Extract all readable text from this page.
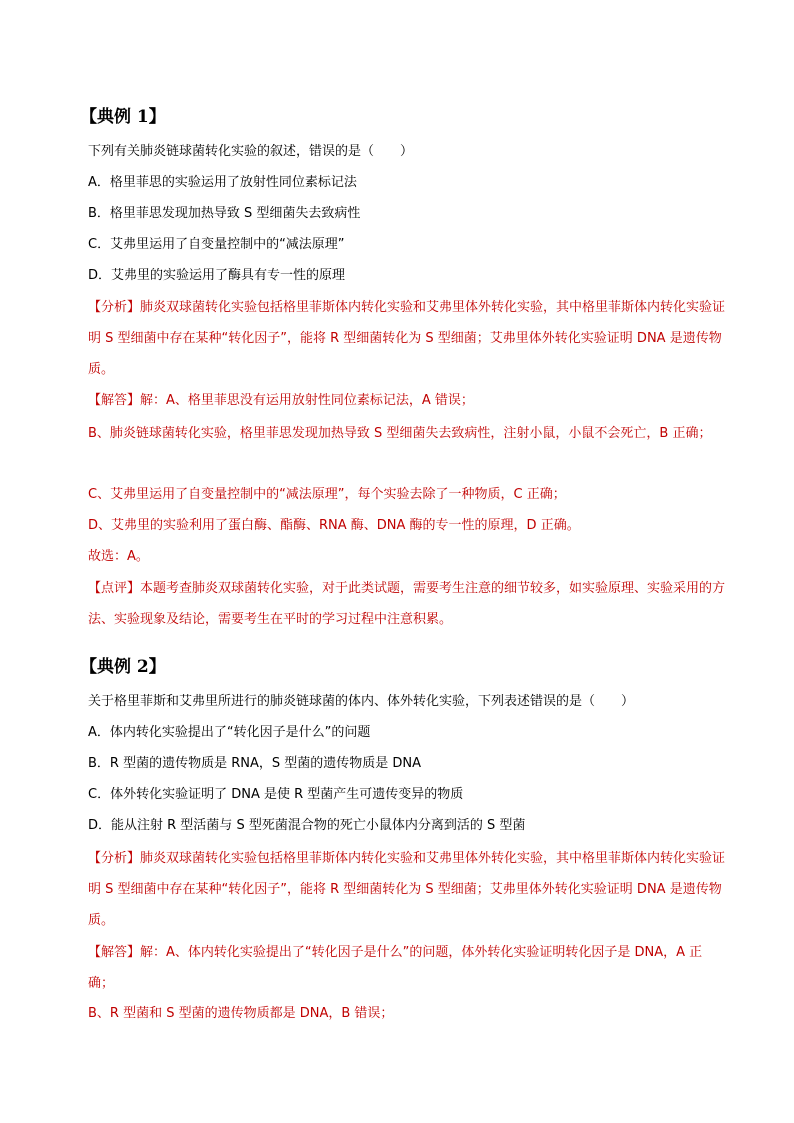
【典例 1】
下列有关肺炎链球菌转化实验的叙述，错误的是（　　）
A．格里菲思的实验运用了放射性同位素标记法
B．格里菲思发现加热导致 S 型细菌失去致病性
C．艾弗里运用了自变量控制中的“减法原理”
D．艾弗里的实验运用了酶具有专一性的原理
【分析】肺炎双球菌转化实验包括格里菲斯体内转化实验和艾弗里体外转化实验，其中格里菲斯体内转化实验证明 S 型细菌中存在某种“转化因子”，能将 R 型细菌转化为 S 型细菌；艾弗里体外转化实验证明 DNA 是遗传物质。
【解答】解：A、格里菲思没有运用放射性同位素标记法，A 错误；
B、肺炎链球菌转化实验，格里菲思发现加热导致 S 型细菌失去致病性，注射小鼠，小鼠不会死亡，B 正确；
C、艾弗里运用了自变量控制中的“减法原理”，每个实验去除了一种物质，C 正确；
D、艾弗里的实验利用了蛋白酶、酯酶、RNA 酶、DNA 酶的专一性的原理，D 正确。
故选：A。
【点评】本题考查肺炎双球菌转化实验，对于此类试题，需要考生注意的细节较多，如实验原理、实验采用的方法、实验现象及结论，需要考生在平时的学习过程中注意积累。
【典例 2】
关于格里菲斯和艾弗里所进行的肺炎链球菌的体内、体外转化实验，下列表述错误的是（　　）
A．体内转化实验提出了“转化因子是什么”的问题
B．R 型菌的遗传物质是 RNA，S 型菌的遗传物质是 DNA
C．体外转化实验证明了 DNA 是使 R 型菌产生可遗传变异的物质
D．能从注射 R 型活菌与 S 型死菌混合物的死亡小鼠体内分离到活的 S 型菌
【分析】肺炎双球菌转化实验包括格里菲斯体内转化实验和艾弗里体外转化实验，其中格里菲斯体内转化实验证明 S 型细菌中存在某种“转化因子”，能将 R 型细菌转化为 S 型细菌；艾弗里体外转化实验证明 DNA 是遗传物质。
【解答】解：A、体内转化实验提出了“转化因子是什么”的问题，体外转化实验证明转化因子是 DNA，A 正确；
B、R 型菌和 S 型菌的遗传物质都是 DNA，B 错误；
